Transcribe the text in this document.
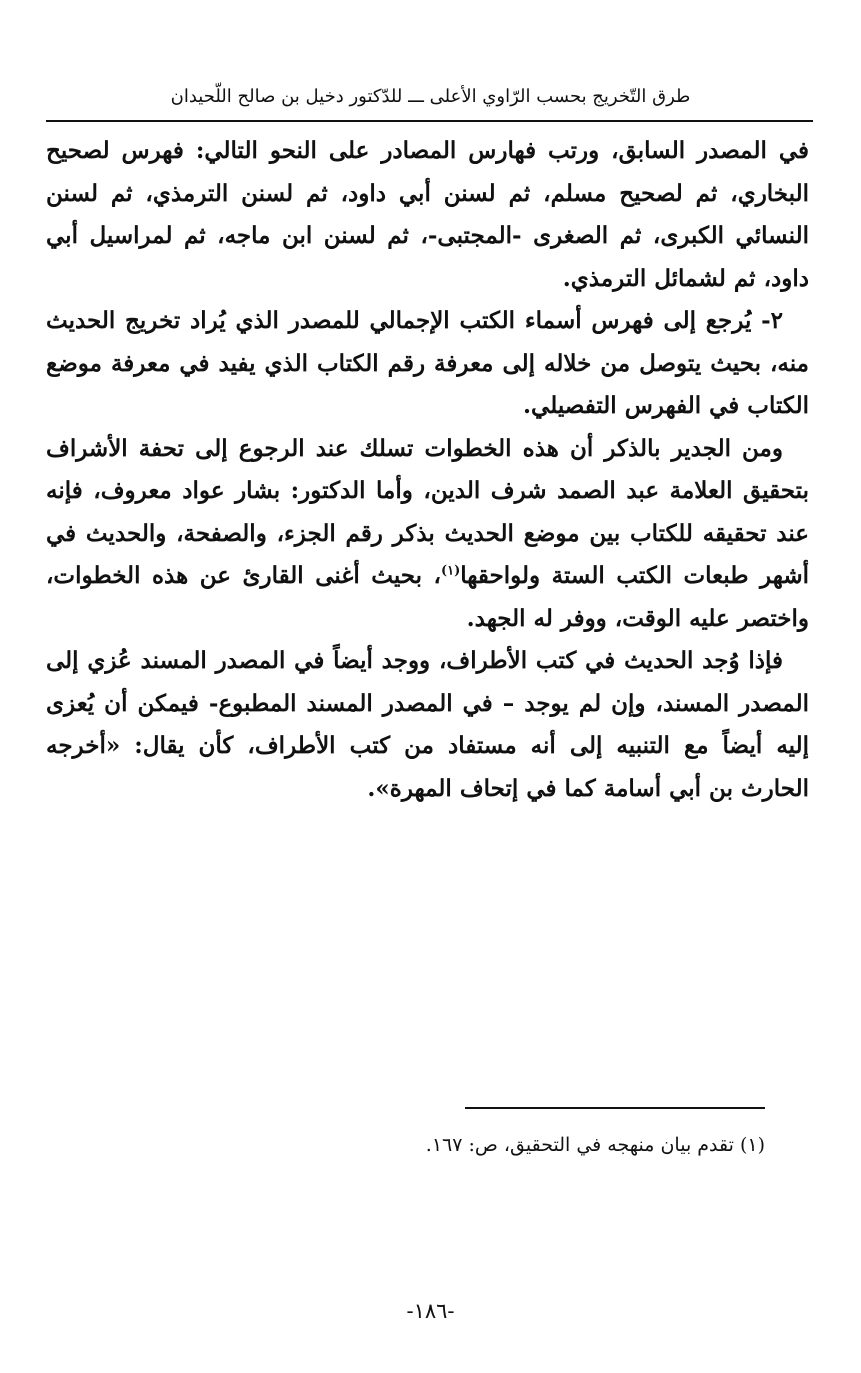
طرق التّخريج بحسب الرّاوي الأعلى ـــ للدّكتور دخيل بن صالح اللّحيدان

في المصدر السابق، ورتب فهارس المصادر على النحو التالي: فهرس لصحيح البخاري، ثم لصحيح مسلم، ثم لسنن أبي داود، ثم لسنن الترمذي، ثم لسنن النسائي الكبرى، ثم الصغرى -المجتبى-، ثم لسنن ابن ماجه، ثم لمراسيل أبي داود، ثم لشمائل الترمذي.

٢- يُرجع إلى فهرس أسماء الكتب الإجمالي للمصدر الذي يُراد تخريج الحديث منه، بحيث يتوصل من خلاله إلى معرفة رقم الكتاب الذي يفيد في معرفة موضع الكتاب في الفهرس التفصيلي.

ومن الجدير بالذكر أن هذه الخطوات تسلك عند الرجوع إلى تحفة الأشراف بتحقيق العلامة عبد الصمد شرف الدين، وأما الدكتور: بشار عواد معروف، فإنه عند تحقيقه للكتاب بين موضع الحديث بذكر رقم الجزء، والصفحة، والحديث في أشهر طبعات الكتب الستة ولواحقها$^{(١)}$، بحيث أغنى القارئ عن هذه الخطوات، واختصر عليه الوقت، ووفر له الجهد.

فإذا وُجد الحديث في كتب الأطراف، ووجد أيضاً في المصدر المسند عُزي إلى المصدر المسند، وإن لم يوجد – في المصدر المسند المطبوع- فيمكن أن يُعزى إليه أيضاً مع التنبيه إلى أنه مستفاد من كتب الأطراف، كأن يقال: «أخرجه الحارث بن أبي أسامة كما في إتحاف المهرة».

(١) تقدم بيان منهجه في التحقيق، ص: ١٦٧.
-١٨٦-
